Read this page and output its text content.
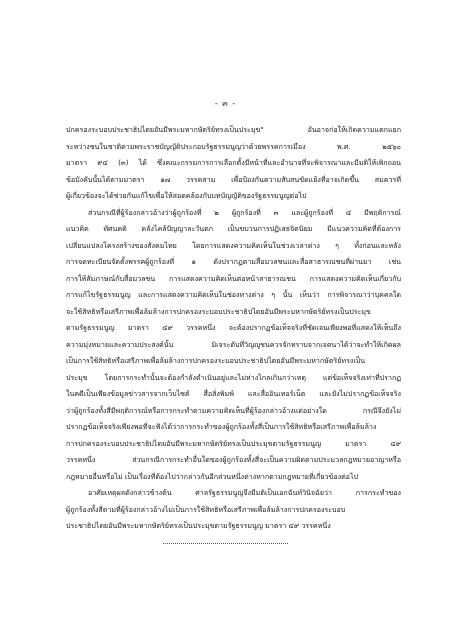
- ๓ -
ปกครองระบอบประชาธิปไตยอันมีพระมหากษัตริย์ทรงเป็นประมุข" อันอาจก่อให้เกิดความแตกแยก
ระหว่างชนในชาติตามพระราชบัญญัติประกอบรัฐธรรมนูญว่าด้วยพรรคการเมือง พ.ศ. ๒๕๖๐
มาตรา ๙๔ (๓) ได้ ซึ่งคณะกรรมการการเลือกตั้งมีหน้าที่และอำนาจที่จะพิจารณาและมีมติให้เพิกถอน
ข้อบังคับนั้นได้ตามมาตรา ๑๗ วรรคสาม เพื่อป้องกันความสับสนขัดแย้งที่อาจเกิดขึ้น สมควรที่
ผู้เกี่ยวข้องจะได้ช่วยกันแก้ไขเพื่อให้สอดคล้องกับบทบัญญัติของรัฐธรรมนูญต่อไป
ส่วนกรณีที่ผู้ร้องกล่าวอ้างว่าผู้ถูกร้องที่ ๒ ผู้ถูกร้องที่ ๓ และผู้ถูกร้องที่ ๔ มีพฤติการณ์
แนวคิด ทัศนคติ คลั่งไคล้ปัญญาละวันตก เป็นขบวนการปฏิเสธจิตนิยม มีแนวความคิดที่ต้องการ
เปลี่ยนแปลงโครงสร้างของสังคมไทย โดยการแสดงความคิดเห็นในช่วงเวลาต่าง ๆ ทั้งก่อนและหลัง
การจดทะเบียนจัดตั้งพรรคผู้ถูกร้องที่ ๑ ดังปรากฏตามสื่อมวลชนและสื่อสาธารณชนที่ผ่านมา เช่น
การให้สัมภาษณ์กับสื่อมวลชน การแสดงความคิดเห็นต่อหน้าสาธารณชน การแสดงความคิดเห็นเกี่ยวกับ
การแก้ไขรัฐธรรมนูญ และการแสดงความคิดเห็นในช่องทางต่าง ๆ นั้น เห็นว่า การพิจารณาว่าบุคคลใด
จะใช้สิทธิหรือเสรีภาพเพื่อล้มล้างการปกครองระบอบประชาธิปไตยอันมีพระมหากษัตริย์ทรงเป็นประมุข
ตามรัฐธรรมนูญ มาตรา ๔๙ วรรคหนึ่ง จะต้องปรากฏข้อเท็จจริงที่ชัดเจนเพียงพอที่แสดงให้เห็นถึง
ความมุ่งหมายและความประสงค์นั้น มิเจระดับที่วิญญูชนควรจักทราบจากเจตนาได้ว่าจะทำให้เกิดผล
เป็นการใช้สิทธิหรือเสรีภาพเพื่อล้มล้างการปกครองระบอบประชาธิปไตยอันมีพระมหากษัตริย์ทรงเป็น
ประมุข โดยการกระทำนั้นจะต้องกำลังดำเนินอยู่และไม่ห่างไกลเกินกว่าเหตุ แต่ข้อเท็จจริงเท่าที่ปรากฏ
ในคดีเป็นเพียงข้อมูลข่าวสารจากเว็บไซต์ สื่อสิ่งพิมพ์ และสื่ออินเทอร์เน็ต และยังไม่ปรากฏข้อเท็จจริง
ว่าผู้ถูกร้องทั้งสี่มีพฤติการณ์หรือการกระทำตามความคิดเห็นที่ผู้ร้องกล่าวอ้างแต่อย่างใด กรณีจึงยังไม่
ปรากฏข้อเท็จจริงเพียงพอที่จะฟังได้ว่าการกระทำของผู้ถูกร้องทั้งสี่เป็นการใช้สิทธิหรือเสรีภาพเพื่อล้มล้าง
การปกครองระบอบประชาธิปไตยอันมีพระมหากษัตริย์ทรงเป็นประมุขตามรัฐธรรมนูญ มาตรา ๔๙
วรรคหนึ่ง ส่วนกรณีการกระทำอื่นใดของผู้ถูกร้องทั้งสี่จะเป็นความผิดตามประมวลกฎหมายอาญาหรือ
กฎหมายอื่นหรือไม่ เป็นเรื่องที่ต้องไปว่ากล่าวกันอีกส่วนหนึ่งต่างหากตามกฎหมายที่เกี่ยวข้องต่อไป
อาศัยเหตุผลดังกล่าวข้างต้น ศาลรัฐธรรมนูญจึงมีมติเป็นเอกฉันท์วินิจฉัยว่า การกระทำของ
ผู้ถูกร้องทั้งสี่ตามที่ผู้ร้องกล่าวอ้างไม่เป็นการใช้สิทธิหรือเสรีภาพเพื่อล้มล้างการปกครองระบอบ
ประชาธิปไตยอันมีพระมหากษัตริย์ทรงเป็นประมุขตามรัฐธรรมนูญ มาตรา ๔๙ วรรคหนึ่ง
